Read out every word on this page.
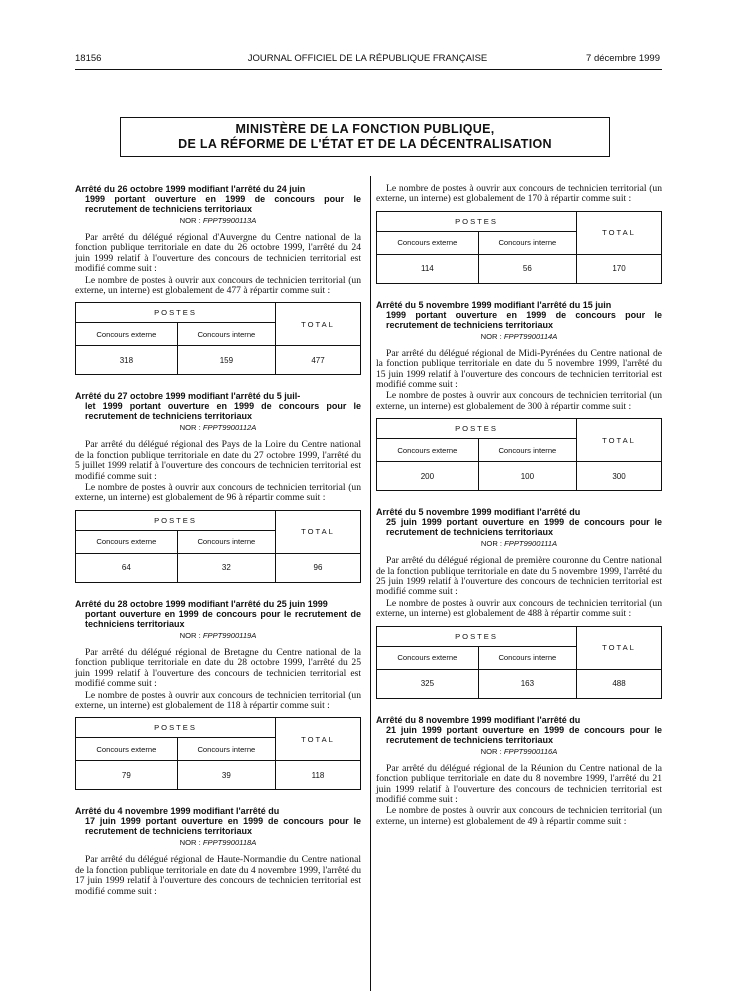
18156	JOURNAL OFFICIEL DE LA RÉPUBLIQUE FRANÇAISE	7 décembre 1999
MINISTÈRE DE LA FONCTION PUBLIQUE,
DE LA RÉFORME DE L'ÉTAT ET DE LA DÉCENTRALISATION

Arrêté du 26 octobre 1999 modifiant l'arrêté du 24 juin
1999 portant ouverture en 1999 de concours pour le recrutement de techniciens territoriaux

NOR : FPPT9900113A

Par arrêté du délégué régional d'Auvergne du Centre national de la fonction publique territoriale en date du 26 octobre 1999, l'arrêté du 24 juin 1999 relatif à l'ouverture des concours de technicien territorial est modifié comme suit :

Le nombre de postes à ouvrir aux concours de technicien territorial (un externe, un interne) est globalement de 477 à répartir comme suit :

POSTES		TOTAL
Concours externe	Concours interne	
318	159	477

Arrêté du 27 octobre 1999 modifiant l'arrêté du 5 juil-
let 1999 portant ouverture en 1999 de concours pour le recrutement de techniciens territoriaux

NOR : FPPT9900112A

Par arrêté du délégué régional des Pays de la Loire du Centre national de la fonction publique territoriale en date du 27 octobre 1999, l'arrêté du 5 juillet 1999 relatif à l'ouverture des concours de technicien territorial est modifié comme suit :

Le nombre de postes à ouvrir aux concours de technicien territorial (un externe, un interne) est globalement de 96 à répartir comme suit :

POSTES		TOTAL
Concours externe	Concours interne	
64	32	96

Arrêté du 28 octobre 1999 modifiant l'arrêté du 25 juin 1999
portant ouverture en 1999 de concours pour le recrutement de techniciens territoriaux

NOR : FPPT9900119A

Par arrêté du délégué régional de Bretagne du Centre national de la fonction publique territoriale en date du 28 octobre 1999, l'arrêté du 25 juin 1999 relatif à l'ouverture des concours de technicien territorial est modifié comme suit :

Le nombre de postes à ouvrir aux concours de technicien territorial (un externe, un interne) est globalement de 118 à répartir comme suit :

POSTES		TOTAL
Concours externe	Concours interne	
79	39	118

Arrêté du 4 novembre 1999 modifiant l'arrêté du
17 juin 1999 portant ouverture en 1999 de concours pour le recrutement de techniciens territoriaux

NOR : FPPT9900118A

Par arrêté du délégué régional de Haute-Normandie du Centre national de la fonction publique territoriale en date du 4 novembre 1999, l'arrêté du 17 juin 1999 relatif à l'ouverture des concours de technicien territorial est modifié comme suit :

Le nombre de postes à ouvrir aux concours de technicien territorial (un externe, un interne) est globalement de 170 à répartir comme suit :

POSTES		TOTAL
Concours externe	Concours interne	
114	56	170

Arrêté du 5 novembre 1999 modifiant l'arrêté du 15 juin
1999 portant ouverture en 1999 de concours pour le recrutement de techniciens territoriaux

NOR : FPPT9900114A

Par arrêté du délégué régional de Midi-Pyrénées du Centre national de la fonction publique territoriale en date du 5 novembre 1999, l'arrêté du 15 juin 1999 relatif à l'ouverture des concours de technicien territorial est modifié comme suit :

Le nombre de postes à ouvrir aux concours de technicien territorial (un externe, un interne) est globalement de 300 à répartir comme suit :

POSTES		TOTAL
Concours externe	Concours interne	
200	100	300

Arrêté du 5 novembre 1999 modifiant l'arrêté du
25 juin 1999 portant ouverture en 1999 de concours pour le recrutement de techniciens territoriaux

NOR : FPPT9900111A

Par arrêté du délégué régional de première couronne du Centre national de la fonction publique territoriale en date du 5 novembre 1999, l'arrêté du 25 juin 1999 relatif à l'ouverture des concours de technicien territorial est modifié comme suit :

Le nombre de postes à ouvrir aux concours de technicien territorial (un externe, un interne) est globalement de 488 à répartir comme suit :

POSTES		TOTAL
Concours externe	Concours interne	
325	163	488

Arrêté du 8 novembre 1999 modifiant l'arrêté du
21 juin 1999 portant ouverture en 1999 de concours pour le recrutement de techniciens territoriaux

NOR : FPPT9900116A

Par arrêté du délégué régional de la Réunion du Centre national de la fonction publique territoriale en date du 8 novembre 1999, l'arrêté du 21 juin 1999 relatif à l'ouverture des concours de technicien territorial est modifié comme suit :

Le nombre de postes à ouvrir aux concours de technicien territorial (un externe, un interne) est globalement de 49 à répartir comme suit :
